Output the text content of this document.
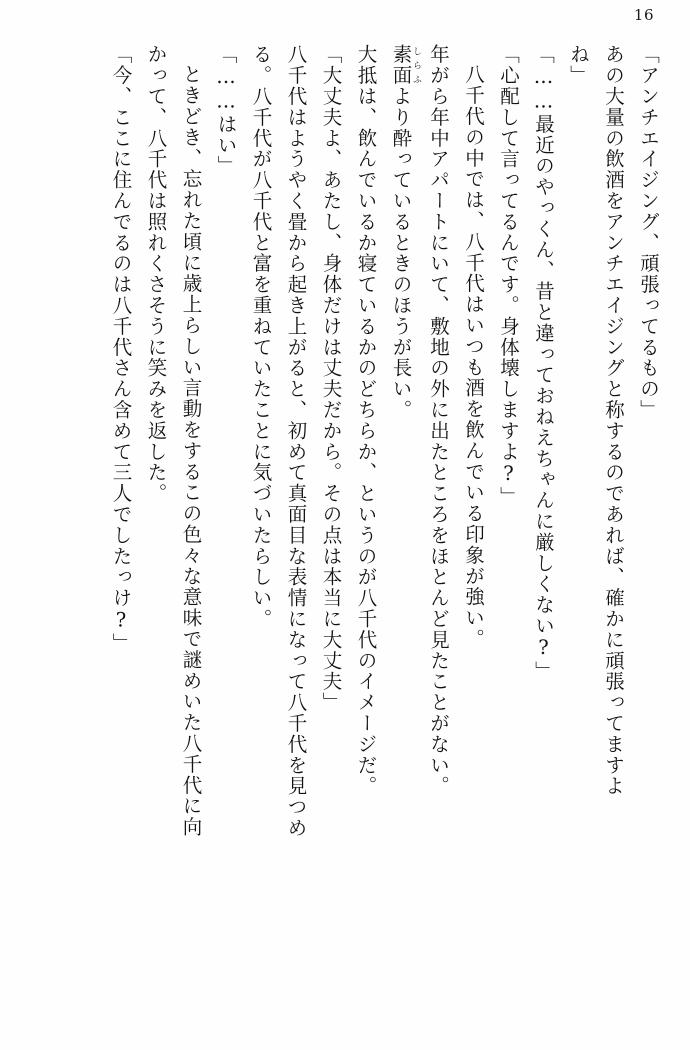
16
「アンチエイジング、頑張ってるもの」
あの大量の飲酒をアンチエイジングと称するのであれば、確かに頑張ってますよ
ね」
「……最近のやっくん、昔と違っておねえちゃんに厳しくない?」
「心配して言ってるんです。身体壊しますよ?」
八千代の中では、八千代はいつも酒を飲んでいる印象が強い。
年がら年中アパートにいて、敷地の外に出たところをほとんど見たことがない。
素面しらふより酔っているときのほうが長い。
大抵は、飲んでいるか寝ているかのどちらか、というのが八千代のイメージだ。
「大丈夫よ、あたし、身体だけは丈夫だから。その点は本当に大丈夫」
八千代はようやく畳から起き上がると、初めて真面目な表情になって八千代を見つめ
る。八千代が八千代と富を重ねていたことに気づいたらしい。
「……はい」
ときどき、忘れた頃に歳上らしい言動をするこの色々な意味で謎めいた八千代に向
かって、八千代は照れくさそうに笑みを返した。
「今、ここに住んでるのは八千代さん含めて三人でしたっけ?」
